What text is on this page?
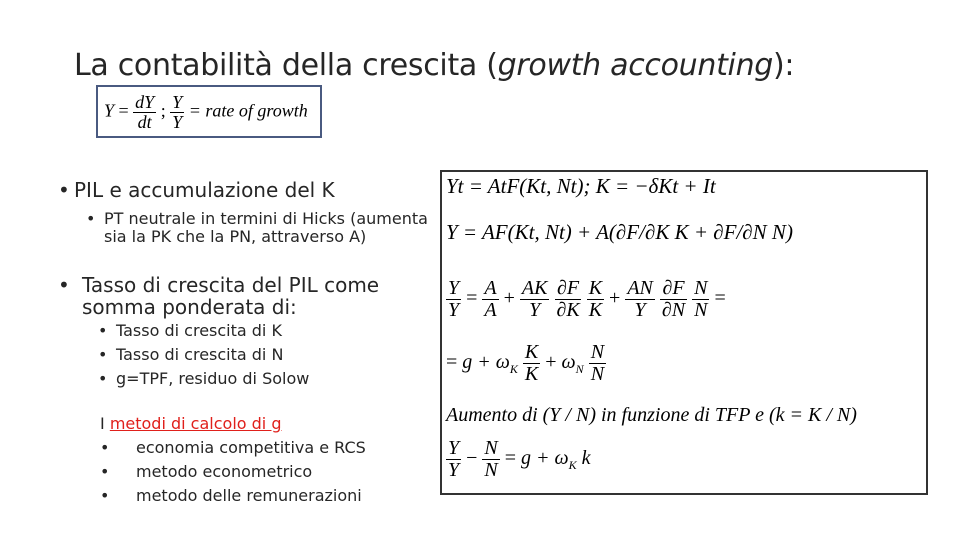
La contabilità della crescita (growth accounting):
$Y = \frac{dY}{dt}$ ; $\frac{Y}{Y}$ = rate of growth
• PIL e accumulazione del K
• PT neutrale in termini di Hicks (aumenta sia la PK che la PN, attraverso A)
• Tasso di crescita del PIL come somma ponderata di:
• Tasso di crescita di K
• Tasso di crescita di N
• g=TPF, residuo di Solow
I metodi di calcolo di g
• economia competitiva e RCS
• metodo econometrico
• metodo delle remunerazioni
Yt = AtF(Kt, Nt); K = −δKt + It
Y = AF(Kt, Nt) + A(∂F/∂K K + ∂F/∂N N)
$\frac{Y}{Y} = \frac{A}{A} + \frac{AK}{Y}$
$\frac{\partial F}{\partial K}$
$\frac{K}{K} + \frac{AN}{Y}$
$\frac{\partial F}{\partial N}$
$\frac{N}{N}$ =
= $g + \omega_K \frac{K}{K} + \omega_N \frac{N}{N}$
Aumento di (Y / N) in funzione di TFP e (k = K / N)
$\frac{Y}{Y} - \frac{N}{N} = g + \omega_K$ k
